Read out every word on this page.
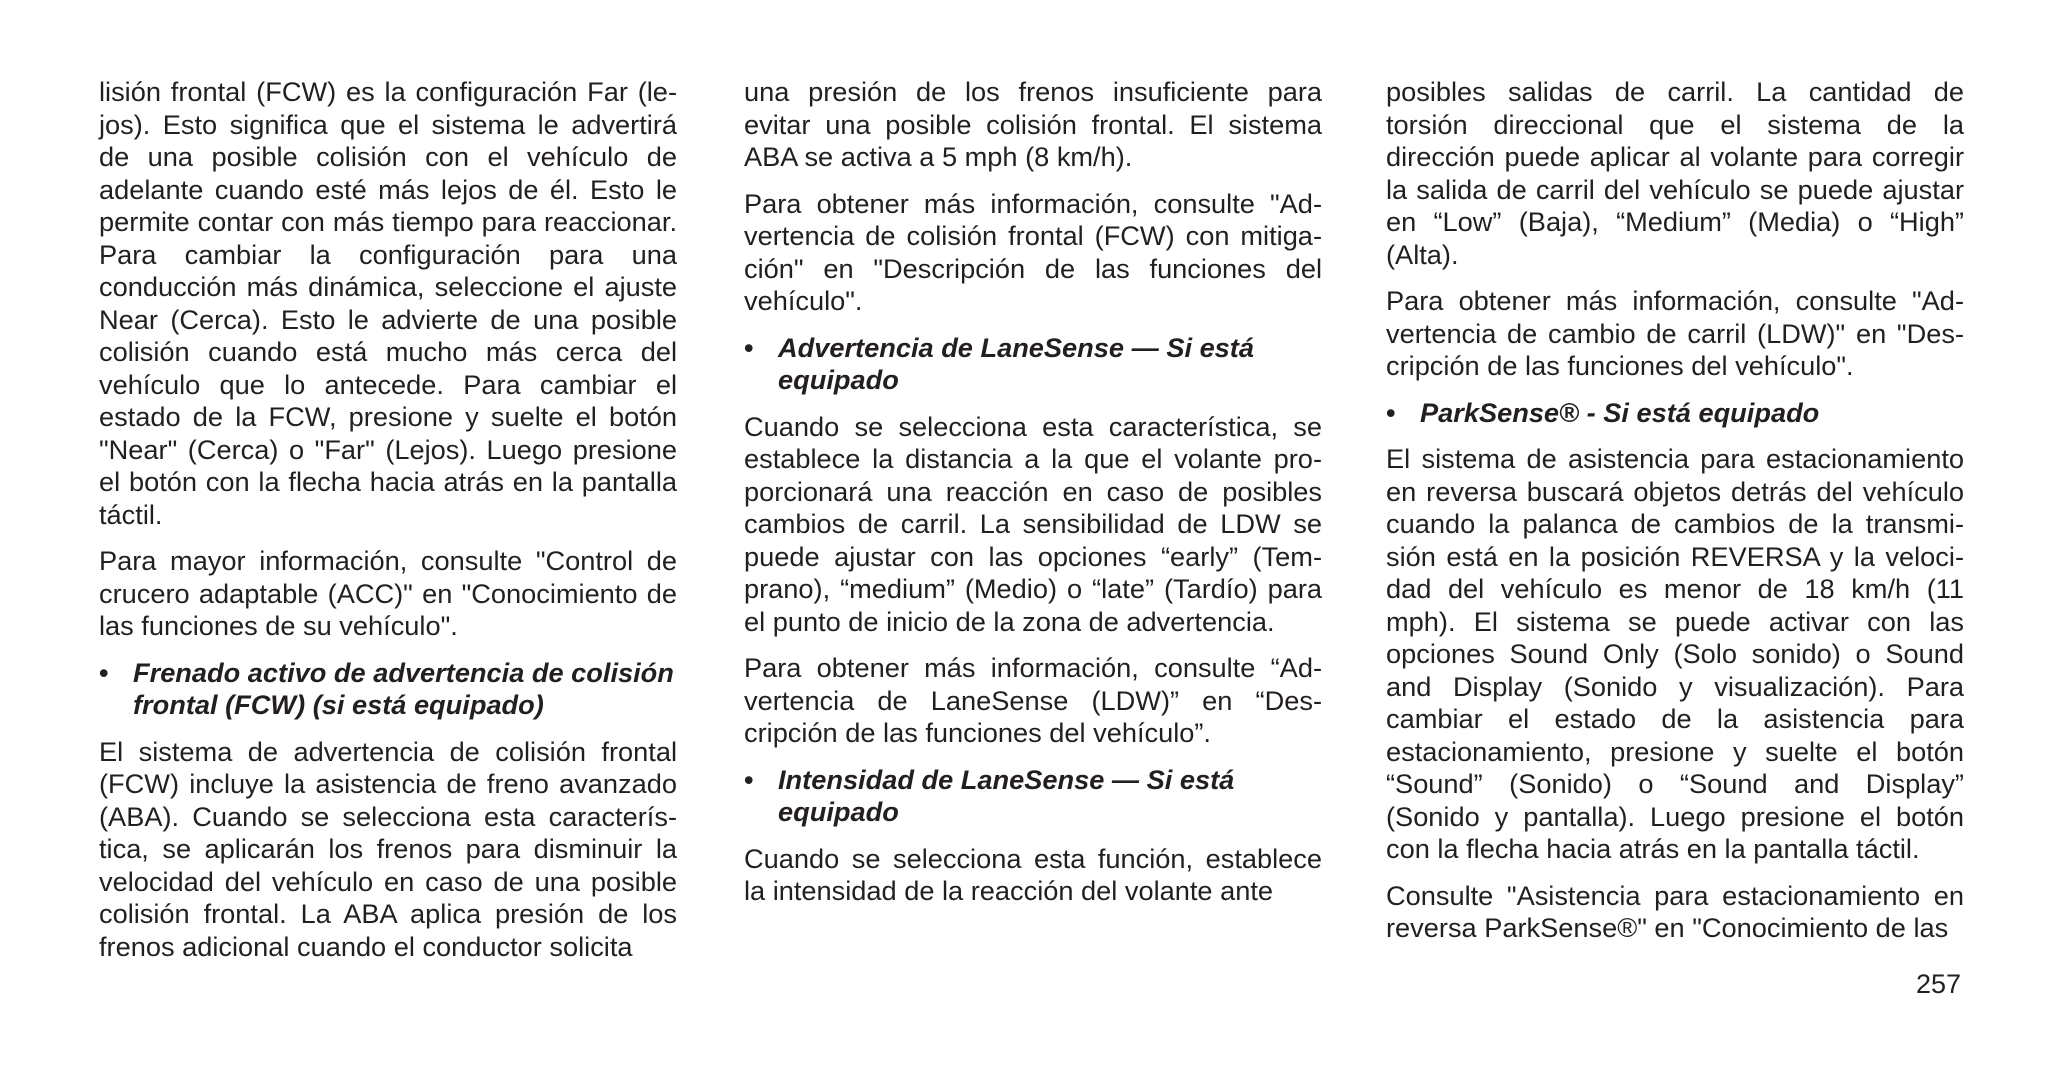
lisión frontal (FCW) es la configuración Far (lejos). Esto significa que el sistema le advertirá de una posible colisión con el vehículo de adelante cuando esté más lejos de él. Esto le permite contar con más tiempo para reaccionar. Para cambiar la configuración para una conducción más dinámica, seleccione el ajuste Near (Cerca). Esto le advierte de una posible colisión cuando está mucho más cerca del vehículo que lo antecede. Para cambiar el estado de la FCW, presione y suelte el botón "Near" (Cerca) o "Far" (Lejos). Luego presione el botón con la flecha hacia atrás en la pantalla táctil.

Para mayor información, consulte "Control de crucero adaptable (ACC)" en "Conocimiento de las funciones de su vehículo".

• Frenado activo de advertencia de colisión frontal (FCW) (si está equipado)

El sistema de advertencia de colisión frontal (FCW) incluye la asistencia de freno avanzado (ABA). Cuando se selecciona esta característica, se aplicarán los frenos para disminuir la velocidad del vehículo en caso de una posible colisión frontal. La ABA aplica presión de los frenos adicional cuando el conductor solicita

una presión de los frenos insuficiente para evitar una posible colisión frontal. El sistema ABA se activa a 5 mph (8 km/h).

Para obtener más información, consulte "Advertencia de colisión frontal (FCW) con mitigación" en "Descripción de las funciones del vehículo".

• Advertencia de LaneSense — Si está equipado

Cuando se selecciona esta característica, se establece la distancia a la que el volante proporcionará una reacción en caso de posibles cambios de carril. La sensibilidad de LDW se puede ajustar con las opciones “early” (Temprano), “medium” (Medio) o “late” (Tardío) para el punto de inicio de la zona de advertencia.

Para obtener más información, consulte “Advertencia de LaneSense (LDW)” en “Descripción de las funciones del vehículo”.

• Intensidad de LaneSense — Si está equipado

Cuando se selecciona esta función, establece la intensidad de la reacción del volante ante

posibles salidas de carril. La cantidad de torsión direccional que el sistema de la dirección puede aplicar al volante para corregir la salida de carril del vehículo se puede ajustar en “Low” (Baja), “Medium” (Media) o “High” (Alta).

Para obtener más información, consulte "Advertencia de cambio de carril (LDW)" en "Descripción de las funciones del vehículo".

• ParkSense® - Si está equipado

El sistema de asistencia para estacionamiento en reversa buscará objetos detrás del vehículo cuando la palanca de cambios de la transmisión está en la posición REVERSA y la velocidad del vehículo es menor de 18 km/h (11 mph). El sistema se puede activar con las opciones Sound Only (Solo sonido) o Sound and Display (Sonido y visualización). Para cambiar el estado de la asistencia para estacionamiento, presione y suelte el botón “Sound” (Sonido) o “Sound and Display” (Sonido y pantalla). Luego presione el botón con la flecha hacia atrás en la pantalla táctil.

Consulte "Asistencia para estacionamiento en reversa ParkSense®" en "Conocimiento de las

257
